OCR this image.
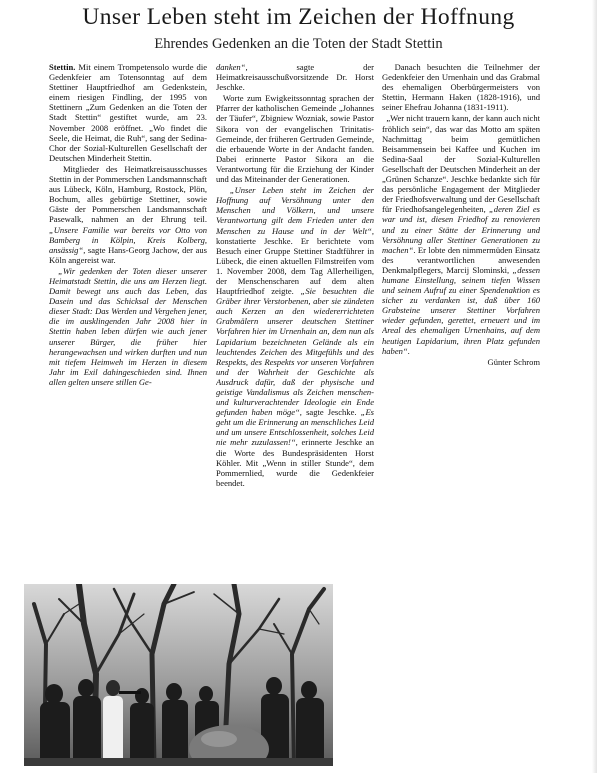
Unser Leben steht im Zeichen der Hoffnung
Ehrendes Gedenken an die Toten der Stadt Stettin

Stettin. Mit einem Trompetensolo wurde die Gedenkfeier am Totensonntag auf dem Stettiner Hauptfriedhof am Gedenkstein, einem riesigen Findling, der 1995 von Stettinern „Zum Gedenken an die Toten der Stadt Stettin“ gestiftet wurde, am 23. November 2008 eröffnet. „Wo findet die Seele, die Heimat, die Ruh“, sang der Sedina-Chor der Sozial-Kulturellen Gesellschaft der Deutschen Minderheit Stettin.

Mitglieder des Heimatkreisausschusses Stettin in der Pommerschen Landsmannschaft aus Lübeck, Köln, Hamburg, Rostock, Plön, Bochum, alles gebürtige Stettiner, sowie Gäste der Pommerschen Landsmannschaft Pasewalk, nahmen an der Ehrung teil. „Unsere Familie war bereits vor Otto von Bamberg in Kölpin, Kreis Kolberg, ansässig“, sagte Hans-Georg Jachow, der aus Köln angereist war.

„Wir gedenken der Toten dieser unserer Heimatstadt Stettin, die uns am Herzen liegt. Damit bewegt uns auch das Leben, das Dasein und das Schicksal der Menschen dieser Stadt: Das Werden und Vergehen jener, die im ausklingenden Jahr 2008 hier in Stettin haben leben dürfen wie auch jener unserer Bürger, die früher hier herangewachsen und wirken durften und nun mit tiefem Heimweh im Herzen in diesem Jahr im Exil dahingeschieden sind. Ihnen allen gelten unsere stillen Ge-

danken“, sagte der Heimatkreisausschußvorsitzende Dr. Horst Jeschke.

Worte zum Ewigkeitssonntag sprachen der Pfarrer der katholischen Gemeinde „Johannes der Täufer“, Zbigniew Wozniak, sowie Pastor Sikora von der evangelischen Trinitatis-Gemeinde, der früheren Gertruden Gemeinde, die erbauende Worte in der Andacht fanden. Dabei erinnerte Pastor Sikora an die Verantwortung für die Erziehung der Kinder und das Miteinander der Generationen.

„Unser Leben steht im Zeichen der Hoffnung auf Versöhnung unter den Menschen und Völkern, und unsere Verantwortung gilt dem Frieden unter den Menschen zu Hause und in der Welt“, konstatierte Jeschke. Er berichtete vom Besuch einer Gruppe Stettiner Stadtführer in Lübeck, die einen aktuellen Filmstreifen vom 1. November 2008, dem Tag Allerheiligen, der Menschenscharen auf dem alten Hauptfriedhof zeigte. „Sie besuchten die Gräber ihrer Verstorbenen, aber sie zündeten auch Kerzen an den wiedererrichteten Grabmälern unserer deutschen Stettiner Vorfahren hier im Urnenhain an, dem nun als Lapidarium bezeichneten Gelände als ein leuchtendes Zeichen des Mitgefühls und des Respekts, des Respekts vor unseren Vorfahren und der Wahrheit der Geschichte als Ausdruck dafür, daß der physische und geistige Vandalismus als Zeichen menschen- und kulturverachtender Ideologie ein Ende gefunden haben möge“, sagte Jeschke. „Es geht um die Erinnerung an menschliches Leid und um unsere Entschlossenheit, solches Leid nie mehr zuzulassen!“, erinnerte Jeschke an die Worte des Bundespräsidenten Horst Köhler. Mit „Wenn in stiller Stunde“, dem Pommernlied, wurde die Gedenkfeier beendet.

Danach besuchten die Teilnehmer der Gedenkfeier den Urnenhain und das Grabmal des ehemaligen Oberbürgermeisters von Stettin, Hermann Haken (1828-1916), und seiner Ehefrau Johanna (1831-1911).

„Wer nicht trauern kann, der kann auch nicht fröhlich sein“, das war das Motto am späten Nachmittag beim gemütlichen Beisammensein bei Kaffee und Kuchen im Sedina-Saal der Sozial-Kulturellen Gesellschaft der Deutschen Minderheit an der „Grünen Schanze“. Jeschke bedankte sich für das persönliche Engagement der Mitglieder der Friedhofsverwaltung und der Gesellschaft für Friedhofsangelegenheiten, „deren Ziel es war und ist, diesen Friedhof zu renovieren und zu einer Stätte der Erinnerung und Versöhnung aller Stettiner Generationen zu machen“. Er lobte den nimmermüden Einsatz des verantwortlichen anwesenden Denkmalpflegers, Marcij Slominski, „dessen humane Einstellung, seinem tiefen Wissen und seinem Aufruf zu einer Spendenaktion es sicher zu verdanken ist, daß über 160 Grabsteine unserer Stettiner Vorfahren wieder gefunden, gerettet, erneuert und im Areal des ehemaligen Urnenhains, auf dem heutigen Lapidarium, ihren Platz gefunden haben“.

Günter Schrom
